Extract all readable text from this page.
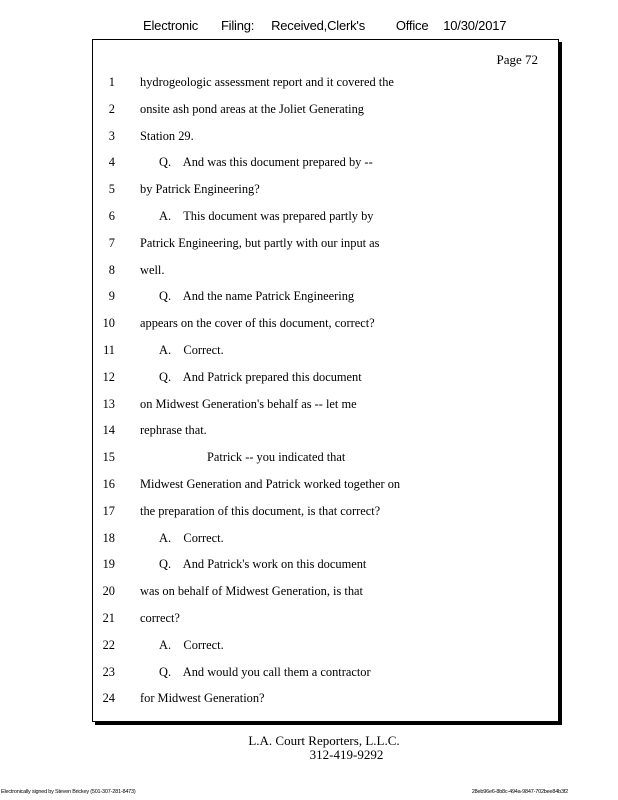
Electronic Filing: Received,Clerk's Office 10/30/2017
Page 72
1 hydrogeologic assessment report and it covered the
2 onsite ash pond areas at the Joliet Generating
3 Station 29.
4	Q.    And was this document prepared by --
5 by Patrick Engineering?
6	A.    This document was prepared partly by
7 Patrick Engineering, but partly with our input as
8 well.
9	Q.    And the name Patrick Engineering
10 appears on the cover of this document, correct?
11	A.    Correct.
12	Q.    And Patrick prepared this document
13 on Midwest Generation's behalf as -- let me
14 rephrase that.
15	Patrick -- you indicated that
16 Midwest Generation and Patrick worked together on
17 the preparation of this document, is that correct?
18	A.    Correct.
19	Q.    And Patrick's work on this document
20 was on behalf of Midwest Generation, is that
21 correct?
22	A.    Correct.
23	Q.    And would you call them a contractor
24 for Midwest Generation?
L.A. Court Reporters, L.L.C.
312-419-9292
Electronically signed by Steven Brickey (501-307-281-8473)	28eb96e6-8b8c-494a-9847-702bee84b3f2
